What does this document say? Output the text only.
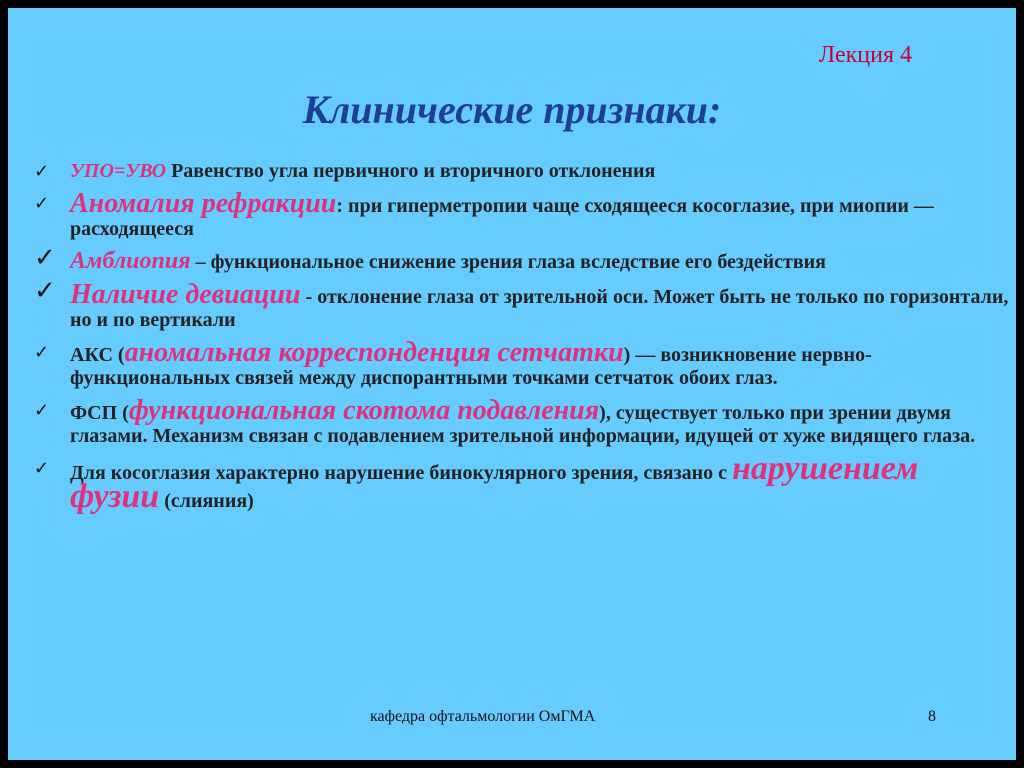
Лекция 4
Клинические признаки:
✓ УПО=УВО Равенство угла первичного и вторичного отклонения
✓ Аномалия рефракции: при гиперметропии чаще сходящееся косоглазие, при миопии — расходящееся
✓ Амблиопия – функциональное снижение зрения глаза вследствие его бездействия
✓ Наличие девиации - отклонение глаза от зрительной оси. Может быть не только по горизонтали, но и по вертикали
✓ АКС (аномальная корреспонденция сетчатки) — возникновение нервно-функциональных связей между диспорантными точками сетчаток обоих глаз.
✓ ФСП (функциональная скотома подавления), существует только при зрении двумя глазами. Механизм связан с подавлением зрительной информации, идущей от хуже видящего глаза.
✓ Для косоглазия характерно нарушение бинокулярного зрения, связано с нарушением фузии (слияния)
кафедра офтальмологии ОмГМА	8
